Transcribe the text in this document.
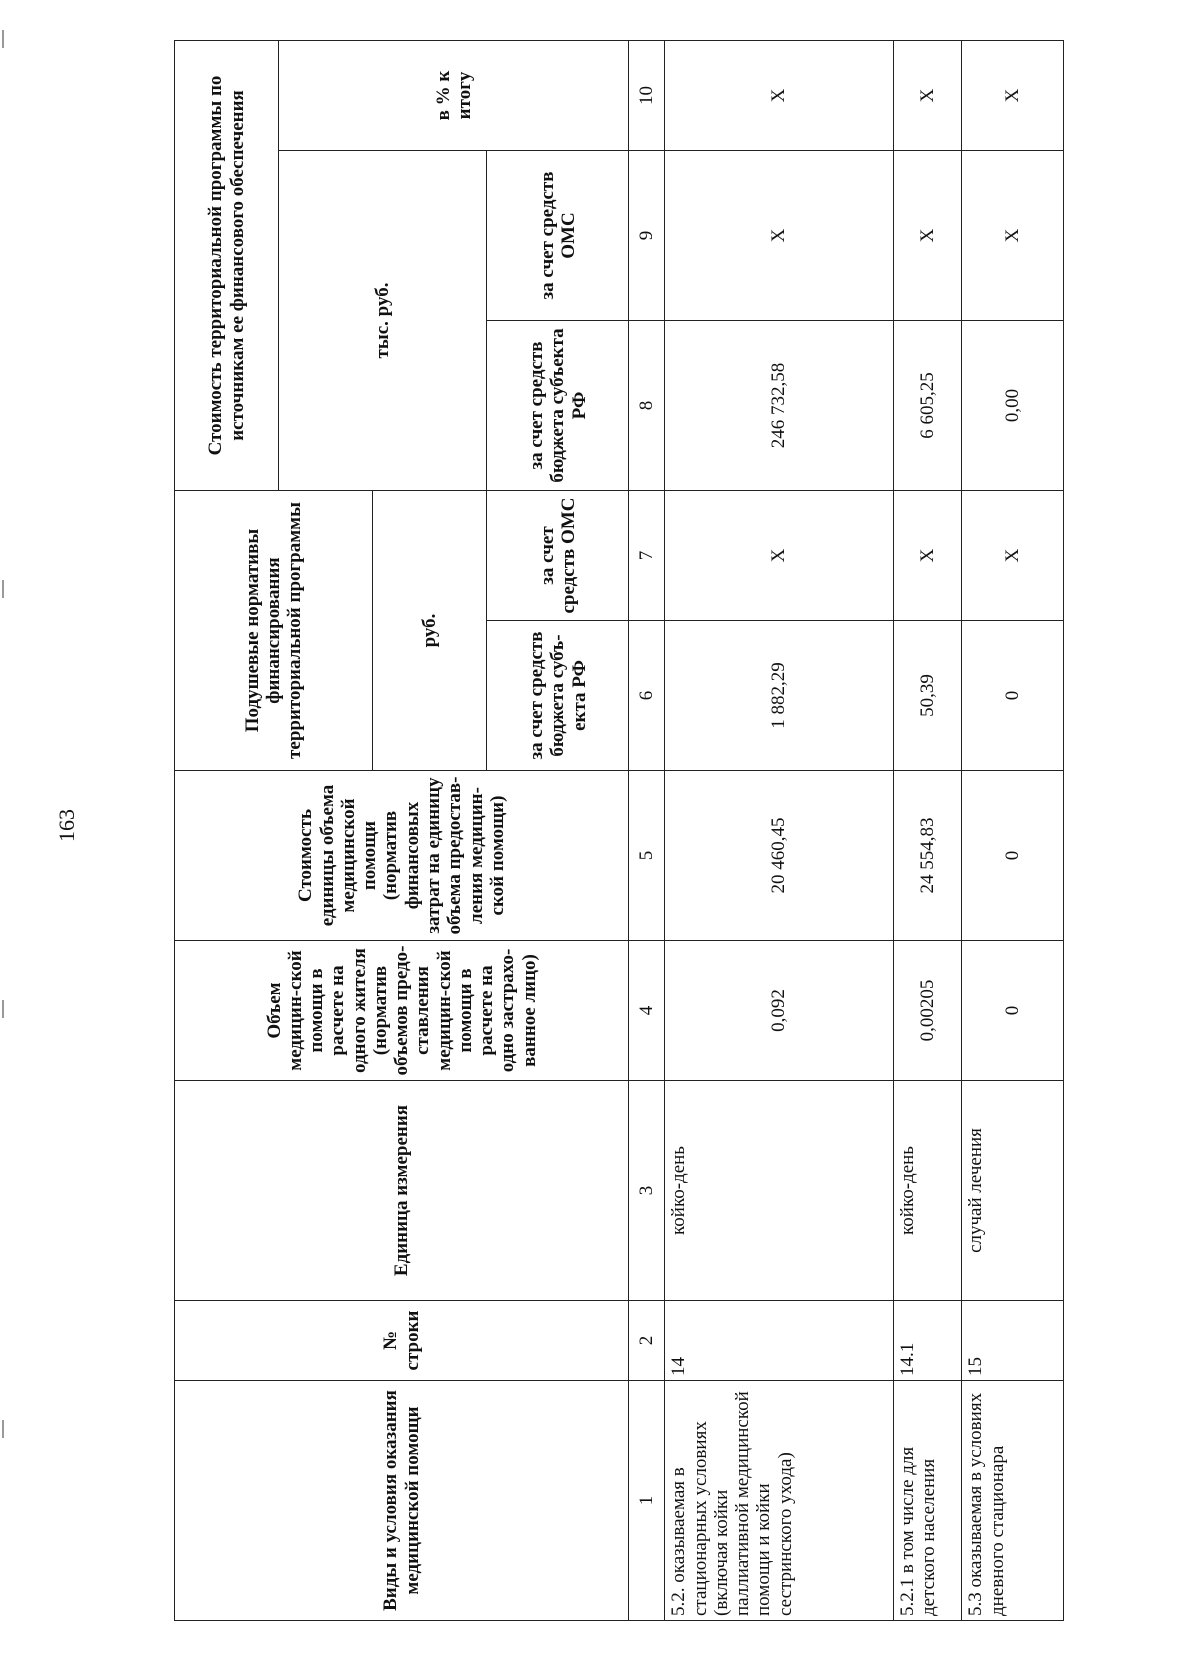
163
Виды и условия оказания медицинской помощи	№ строки	Единица измерения	Объем медицин-ской помощи в расчете на одного жителя (норматив объемов предо-ставления медицин-ской помощи в расчете на одно застрахо-ванное лицо)	Стоимость единицы объема медицинской помощи (норматив финансовых затрат на единицу объема предостав-ления медицин-ской помощи)	Подушевые нормативы финансирования территориальной программы		Стоимость территориальной программы по источникам ее финансового обеспечения		
							тыс. руб.		в % к итогу
					руб.				
					за счет средств бюджета субъ-екта РФ	за счет средств ОМС	за счет средств бюджета субъекта РФ	за счет средств ОМС	
1	2	3	4	5	6	7	8	9	10
5.2. оказываемая в стационарных условиях (включая койки паллиативной медицинской помощи и койки сестринского ухода)	14	койко-день	0,092	20 460,45	1 882,29	X	246 732,58	X	X
5.2.1 в том числе для детского населения	14.1	койко-день	0,00205	24 554,83	50,39	X	6 605,25	X	X
5.3 оказываемая в условиях дневного стационара	15	случай лечения	0	0	0	X	0,00	X	X
